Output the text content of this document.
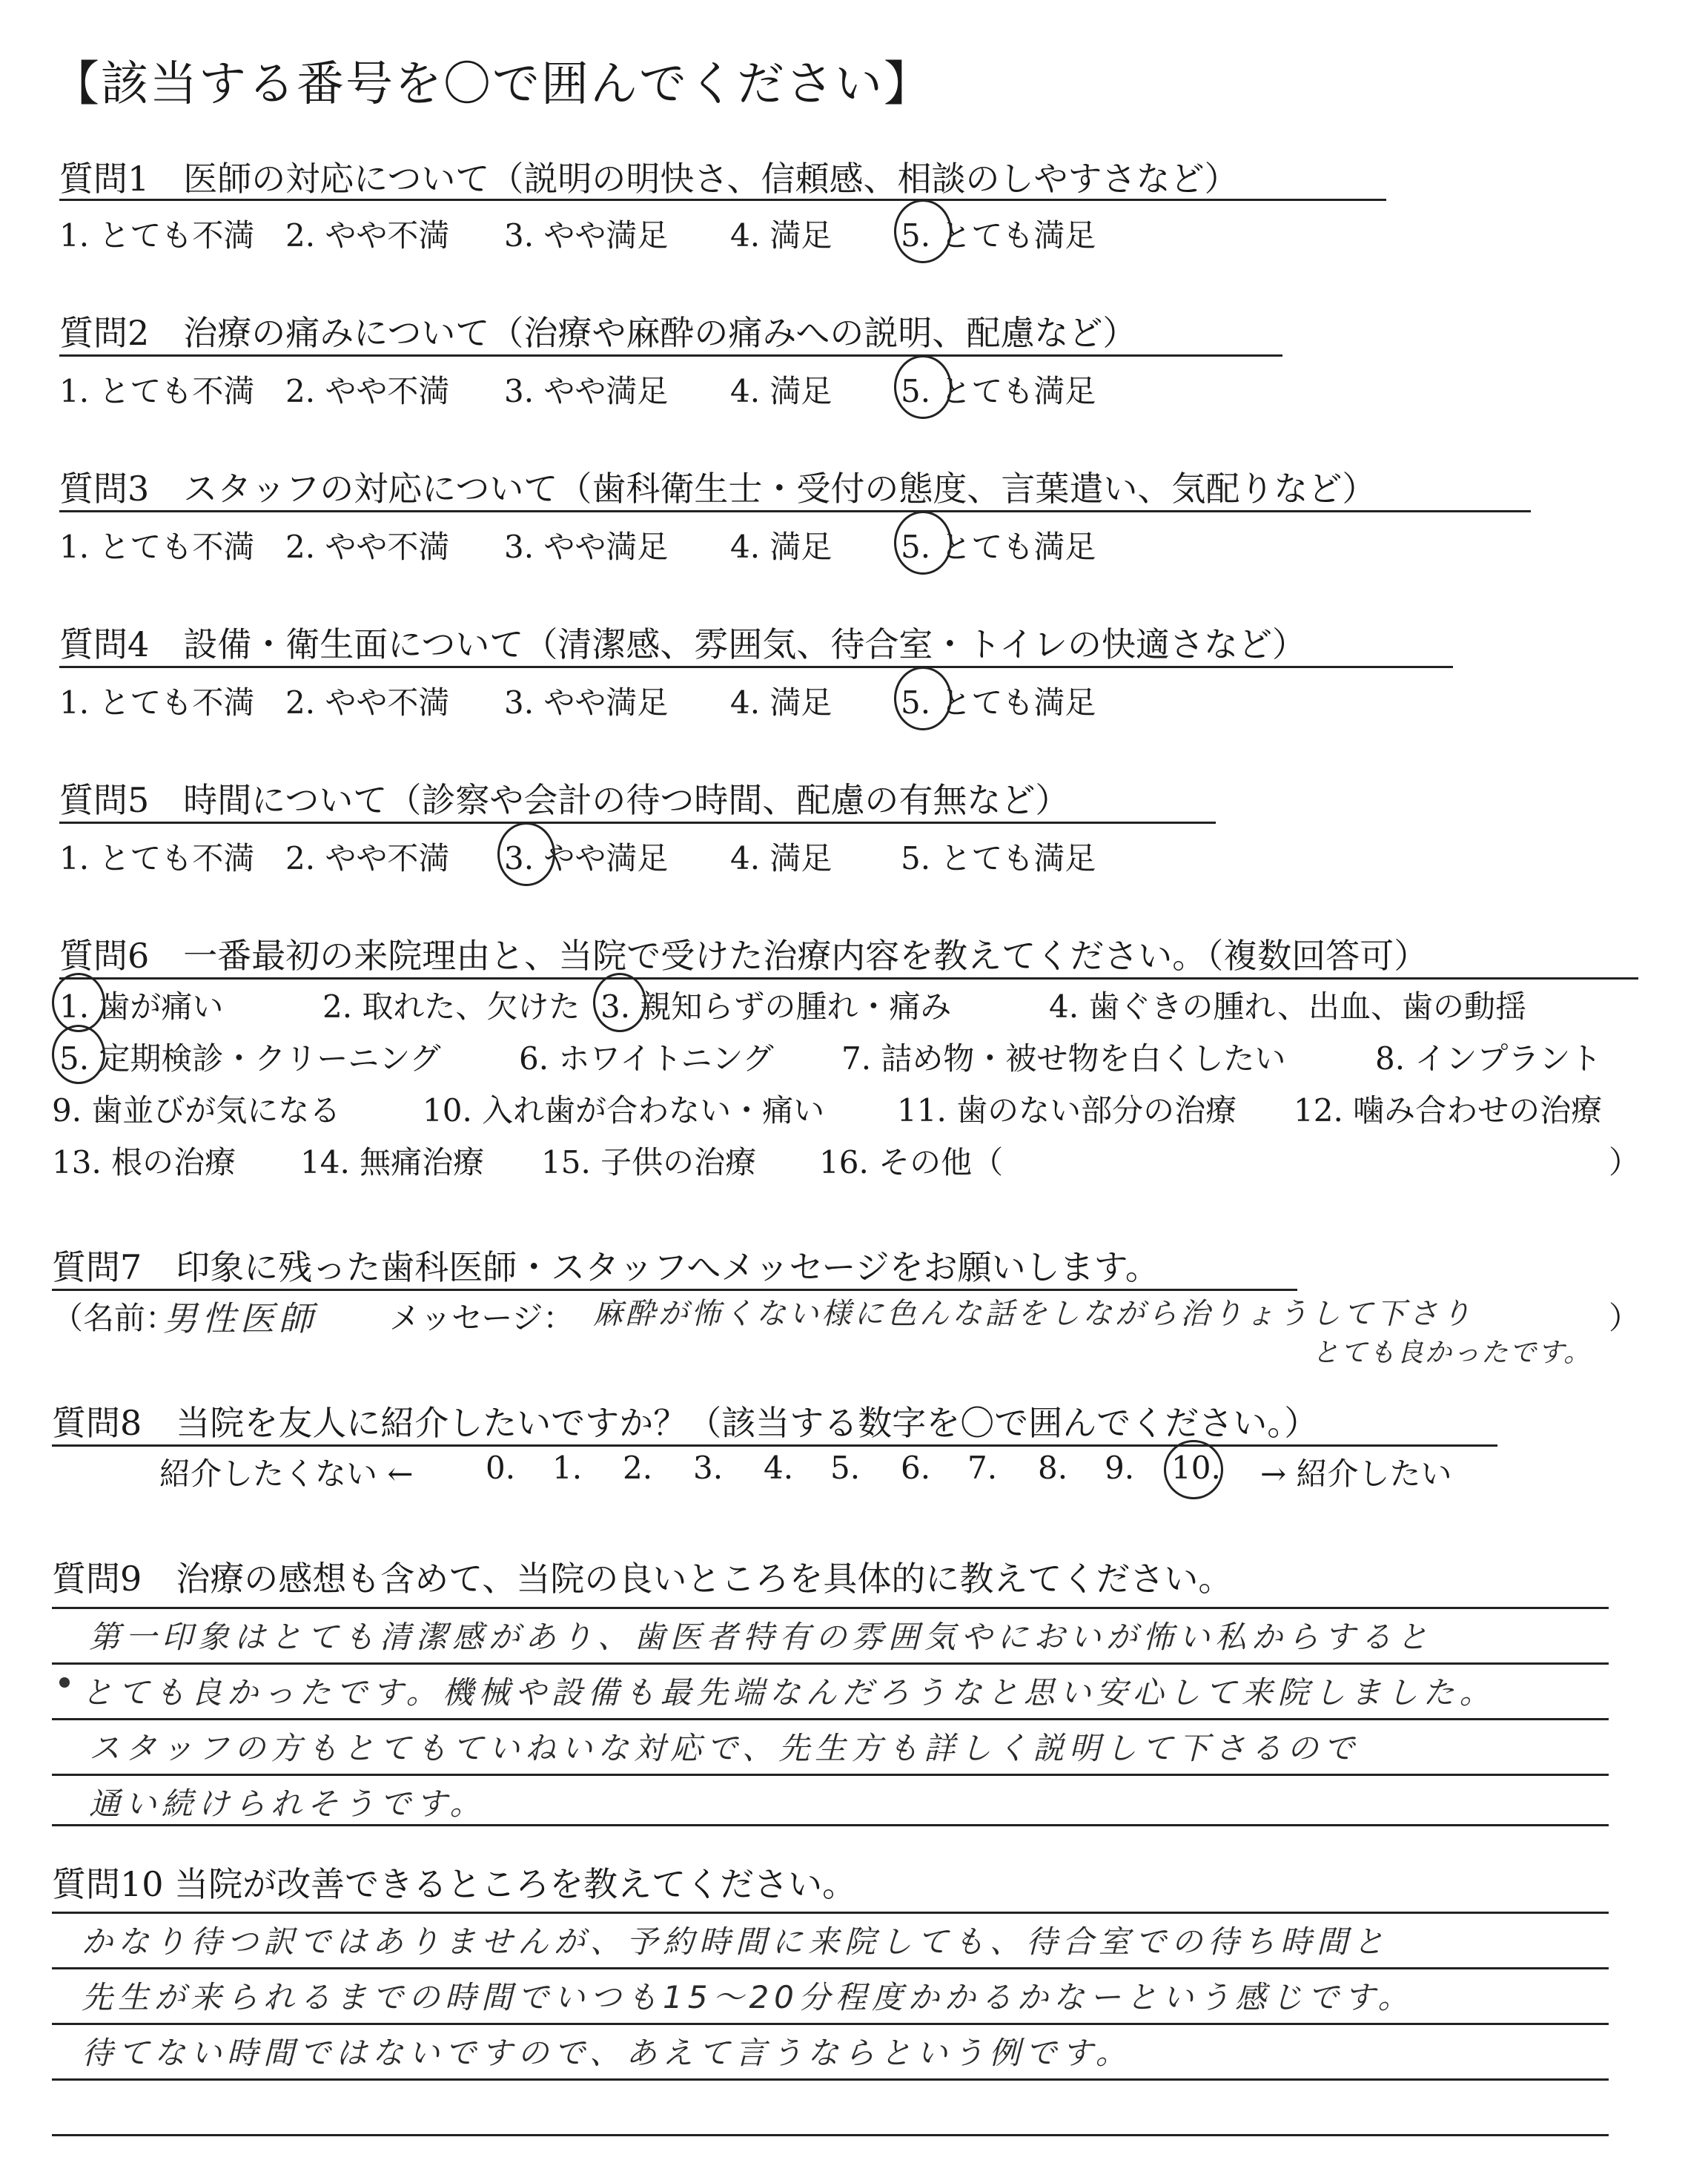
【該当する番号を〇で囲んでください】
質問1　医師の対応について（説明の明快さ、信頼感、相談のしやすさなど）
1. とても不満 2. やや不満 3. やや満足 4. 満足 5. とても満足
質問2　治療の痛みについて（治療や麻酔の痛みへの説明、配慮など）
1. とても不満 2. やや不満 3. やや満足 4. 満足 5. とても満足
質問3　スタッフの対応について（歯科衛生士・受付の態度、言葉遣い、気配りなど）
1. とても不満 2. やや不満 3. やや満足 4. 満足 5. とても満足
質問4　設備・衛生面について（清潔感、雰囲気、待合室・トイレの快適さなど）
1. とても不満 2. やや不満 3. やや満足 4. 満足 5. とても満足
質問5　時間について（診察や会計の待つ時間、配慮の有無など）
1. とても不満 2. やや不満 3. やや満足 4. 満足 5. とても満足
質問6　一番最初の来院理由と、当院で受けた治療内容を教えてください。（複数回答可）
1. 歯が痛い	2. 取れた、欠けた 3. 親知らずの腫れ・痛み	4. 歯ぐきの腫れ、出血、歯の動揺
5. 定期検診・クリーニング	6. ホワイトニング 7. 詰め物・被せ物を白くしたい	8. インプラント
9. 歯並びが気になる	10. 入れ歯が合わない・痛い 11. 歯のない部分の治療 12. 噛み合わせの治療
13. 根の治療 14. 無痛治療 15. 子供の治療 16. その他（	）
質問7　印象に残った歯科医師・スタッフへメッセージをお願いします。
（名前：
男性医師 メッセージ： 麻酔が怖くない様に色んな話をしながら治りょうして下さり
とても良かったです。
）
質問8　当院を友人に紹介したいですか？（該当する数字を〇で囲んでください。）
紹介したくない ← 0. 1. 2. 3. 4. 5. 6. 7. 8. 9. 10. → 紹介したい
質問9　治療の感想も含めて、当院の良いところを具体的に教えてください。
第一印象はとても清潔感があり、歯医者特有の雰囲気やにおいが怖い私からすると
とても良かったです。機械や設備も最先端なんだろうなと思い安心して来院しました。
スタッフの方もとてもていねいな対応で、先生方も詳しく説明して下さるので
通い続けられそうです。
質問10 当院が改善できるところを教えてください。
かなり待つ訳ではありませんが、予約時間に来院しても、待合室での待ち時間と
先生が来られるまでの時間でいつも15～20分程度かかるかなーという感じです。
待てない時間ではないですので、あえて言うならという例です。
